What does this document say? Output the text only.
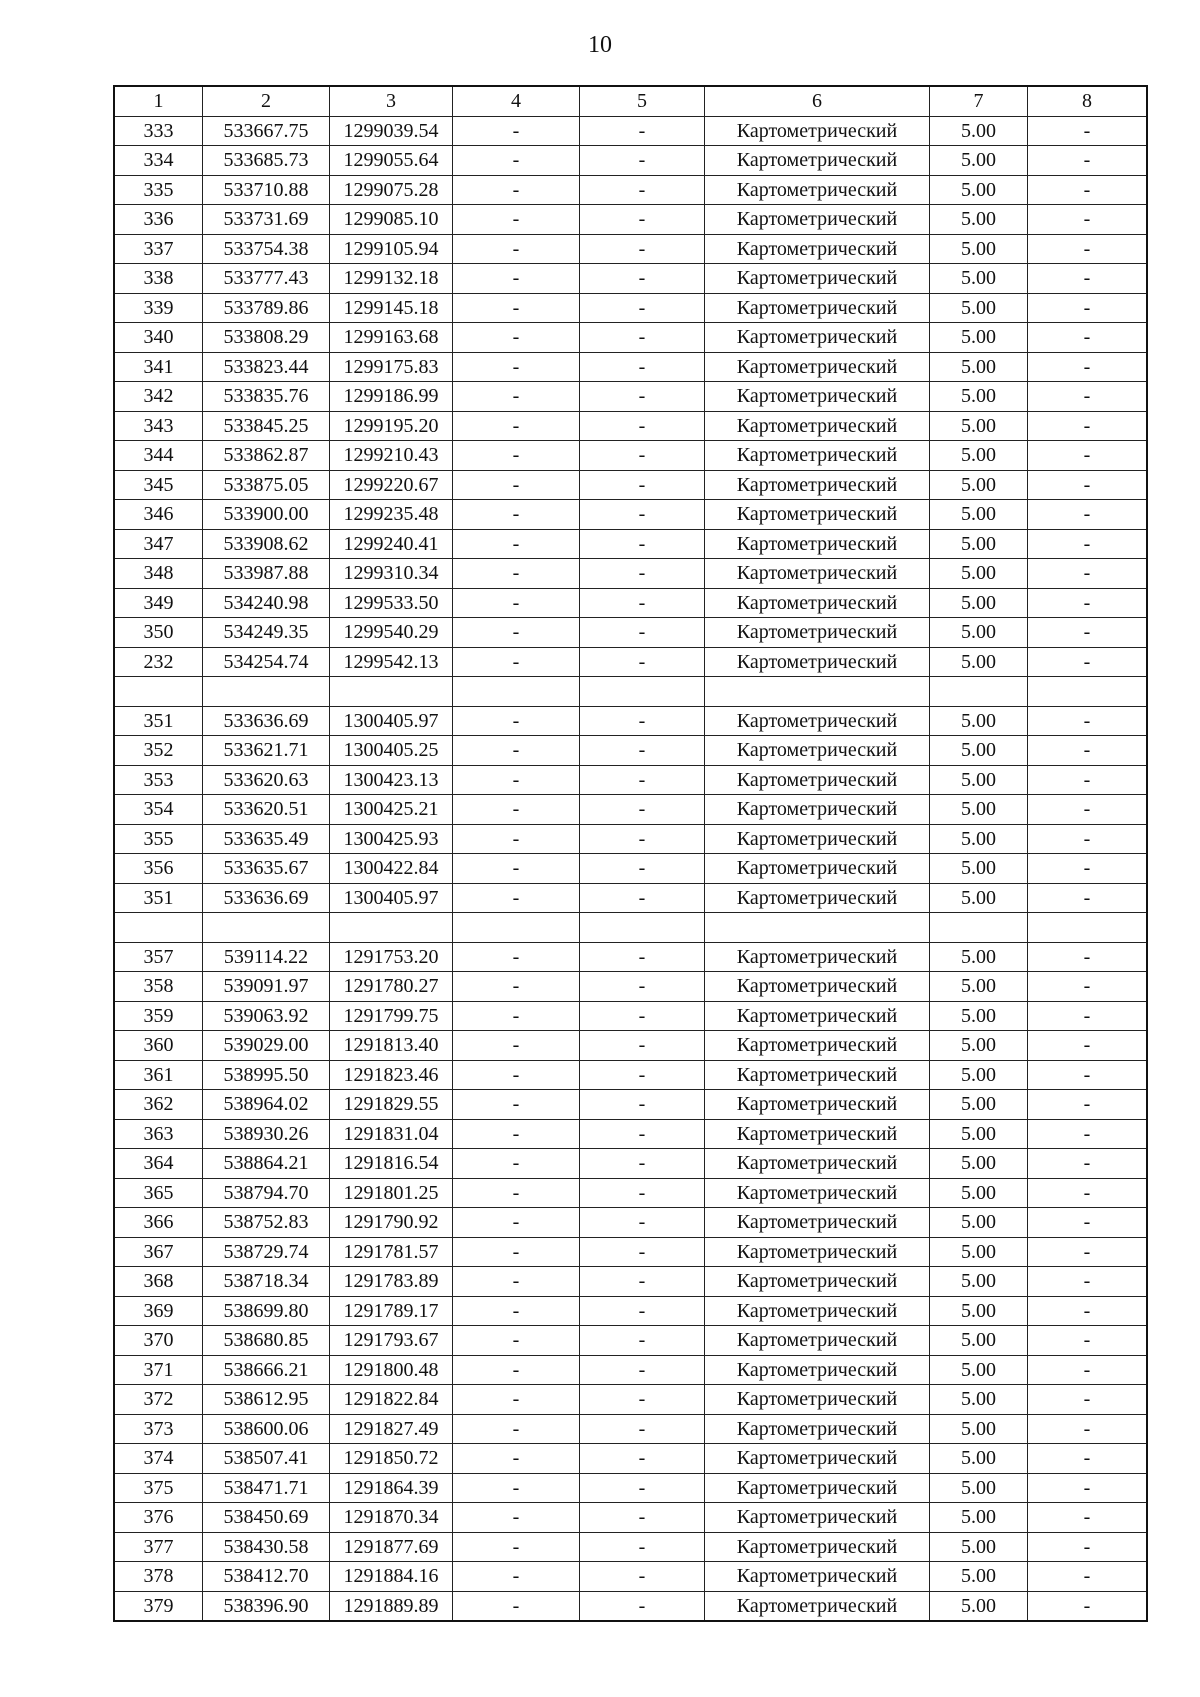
10
1	2	3	4	5	6	7	8
333	533667.75	1299039.54	-	-	Картометрический	5.00	-
334	533685.73	1299055.64	-	-	Картометрический	5.00	-
335	533710.88	1299075.28	-	-	Картометрический	5.00	-
336	533731.69	1299085.10	-	-	Картометрический	5.00	-
337	533754.38	1299105.94	-	-	Картометрический	5.00	-
338	533777.43	1299132.18	-	-	Картометрический	5.00	-
339	533789.86	1299145.18	-	-	Картометрический	5.00	-
340	533808.29	1299163.68	-	-	Картометрический	5.00	-
341	533823.44	1299175.83	-	-	Картометрический	5.00	-
342	533835.76	1299186.99	-	-	Картометрический	5.00	-
343	533845.25	1299195.20	-	-	Картометрический	5.00	-
344	533862.87	1299210.43	-	-	Картометрический	5.00	-
345	533875.05	1299220.67	-	-	Картометрический	5.00	-
346	533900.00	1299235.48	-	-	Картометрический	5.00	-
347	533908.62	1299240.41	-	-	Картометрический	5.00	-
348	533987.88	1299310.34	-	-	Картометрический	5.00	-
349	534240.98	1299533.50	-	-	Картометрический	5.00	-
350	534249.35	1299540.29	-	-	Картометрический	5.00	-
232	534254.74	1299542.13	-	-	Картометрический	5.00	-

351	533636.69	1300405.97	-	-	Картометрический	5.00	-
352	533621.71	1300405.25	-	-	Картометрический	5.00	-
353	533620.63	1300423.13	-	-	Картометрический	5.00	-
354	533620.51	1300425.21	-	-	Картометрический	5.00	-
355	533635.49	1300425.93	-	-	Картометрический	5.00	-
356	533635.67	1300422.84	-	-	Картометрический	5.00	-
351	533636.69	1300405.97	-	-	Картометрический	5.00	-

357	539114.22	1291753.20	-	-	Картометрический	5.00	-
358	539091.97	1291780.27	-	-	Картометрический	5.00	-
359	539063.92	1291799.75	-	-	Картометрический	5.00	-
360	539029.00	1291813.40	-	-	Картометрический	5.00	-
361	538995.50	1291823.46	-	-	Картометрический	5.00	-
362	538964.02	1291829.55	-	-	Картометрический	5.00	-
363	538930.26	1291831.04	-	-	Картометрический	5.00	-
364	538864.21	1291816.54	-	-	Картометрический	5.00	-
365	538794.70	1291801.25	-	-	Картометрический	5.00	-
366	538752.83	1291790.92	-	-	Картометрический	5.00	-
367	538729.74	1291781.57	-	-	Картометрический	5.00	-
368	538718.34	1291783.89	-	-	Картометрический	5.00	-
369	538699.80	1291789.17	-	-	Картометрический	5.00	-
370	538680.85	1291793.67	-	-	Картометрический	5.00	-
371	538666.21	1291800.48	-	-	Картометрический	5.00	-
372	538612.95	1291822.84	-	-	Картометрический	5.00	-
373	538600.06	1291827.49	-	-	Картометрический	5.00	-
374	538507.41	1291850.72	-	-	Картометрический	5.00	-
375	538471.71	1291864.39	-	-	Картометрический	5.00	-
376	538450.69	1291870.34	-	-	Картометрический	5.00	-
377	538430.58	1291877.69	-	-	Картометрический	5.00	-
378	538412.70	1291884.16	-	-	Картометрический	5.00	-
379	538396.90	1291889.89	-	-	Картометрический	5.00	-
